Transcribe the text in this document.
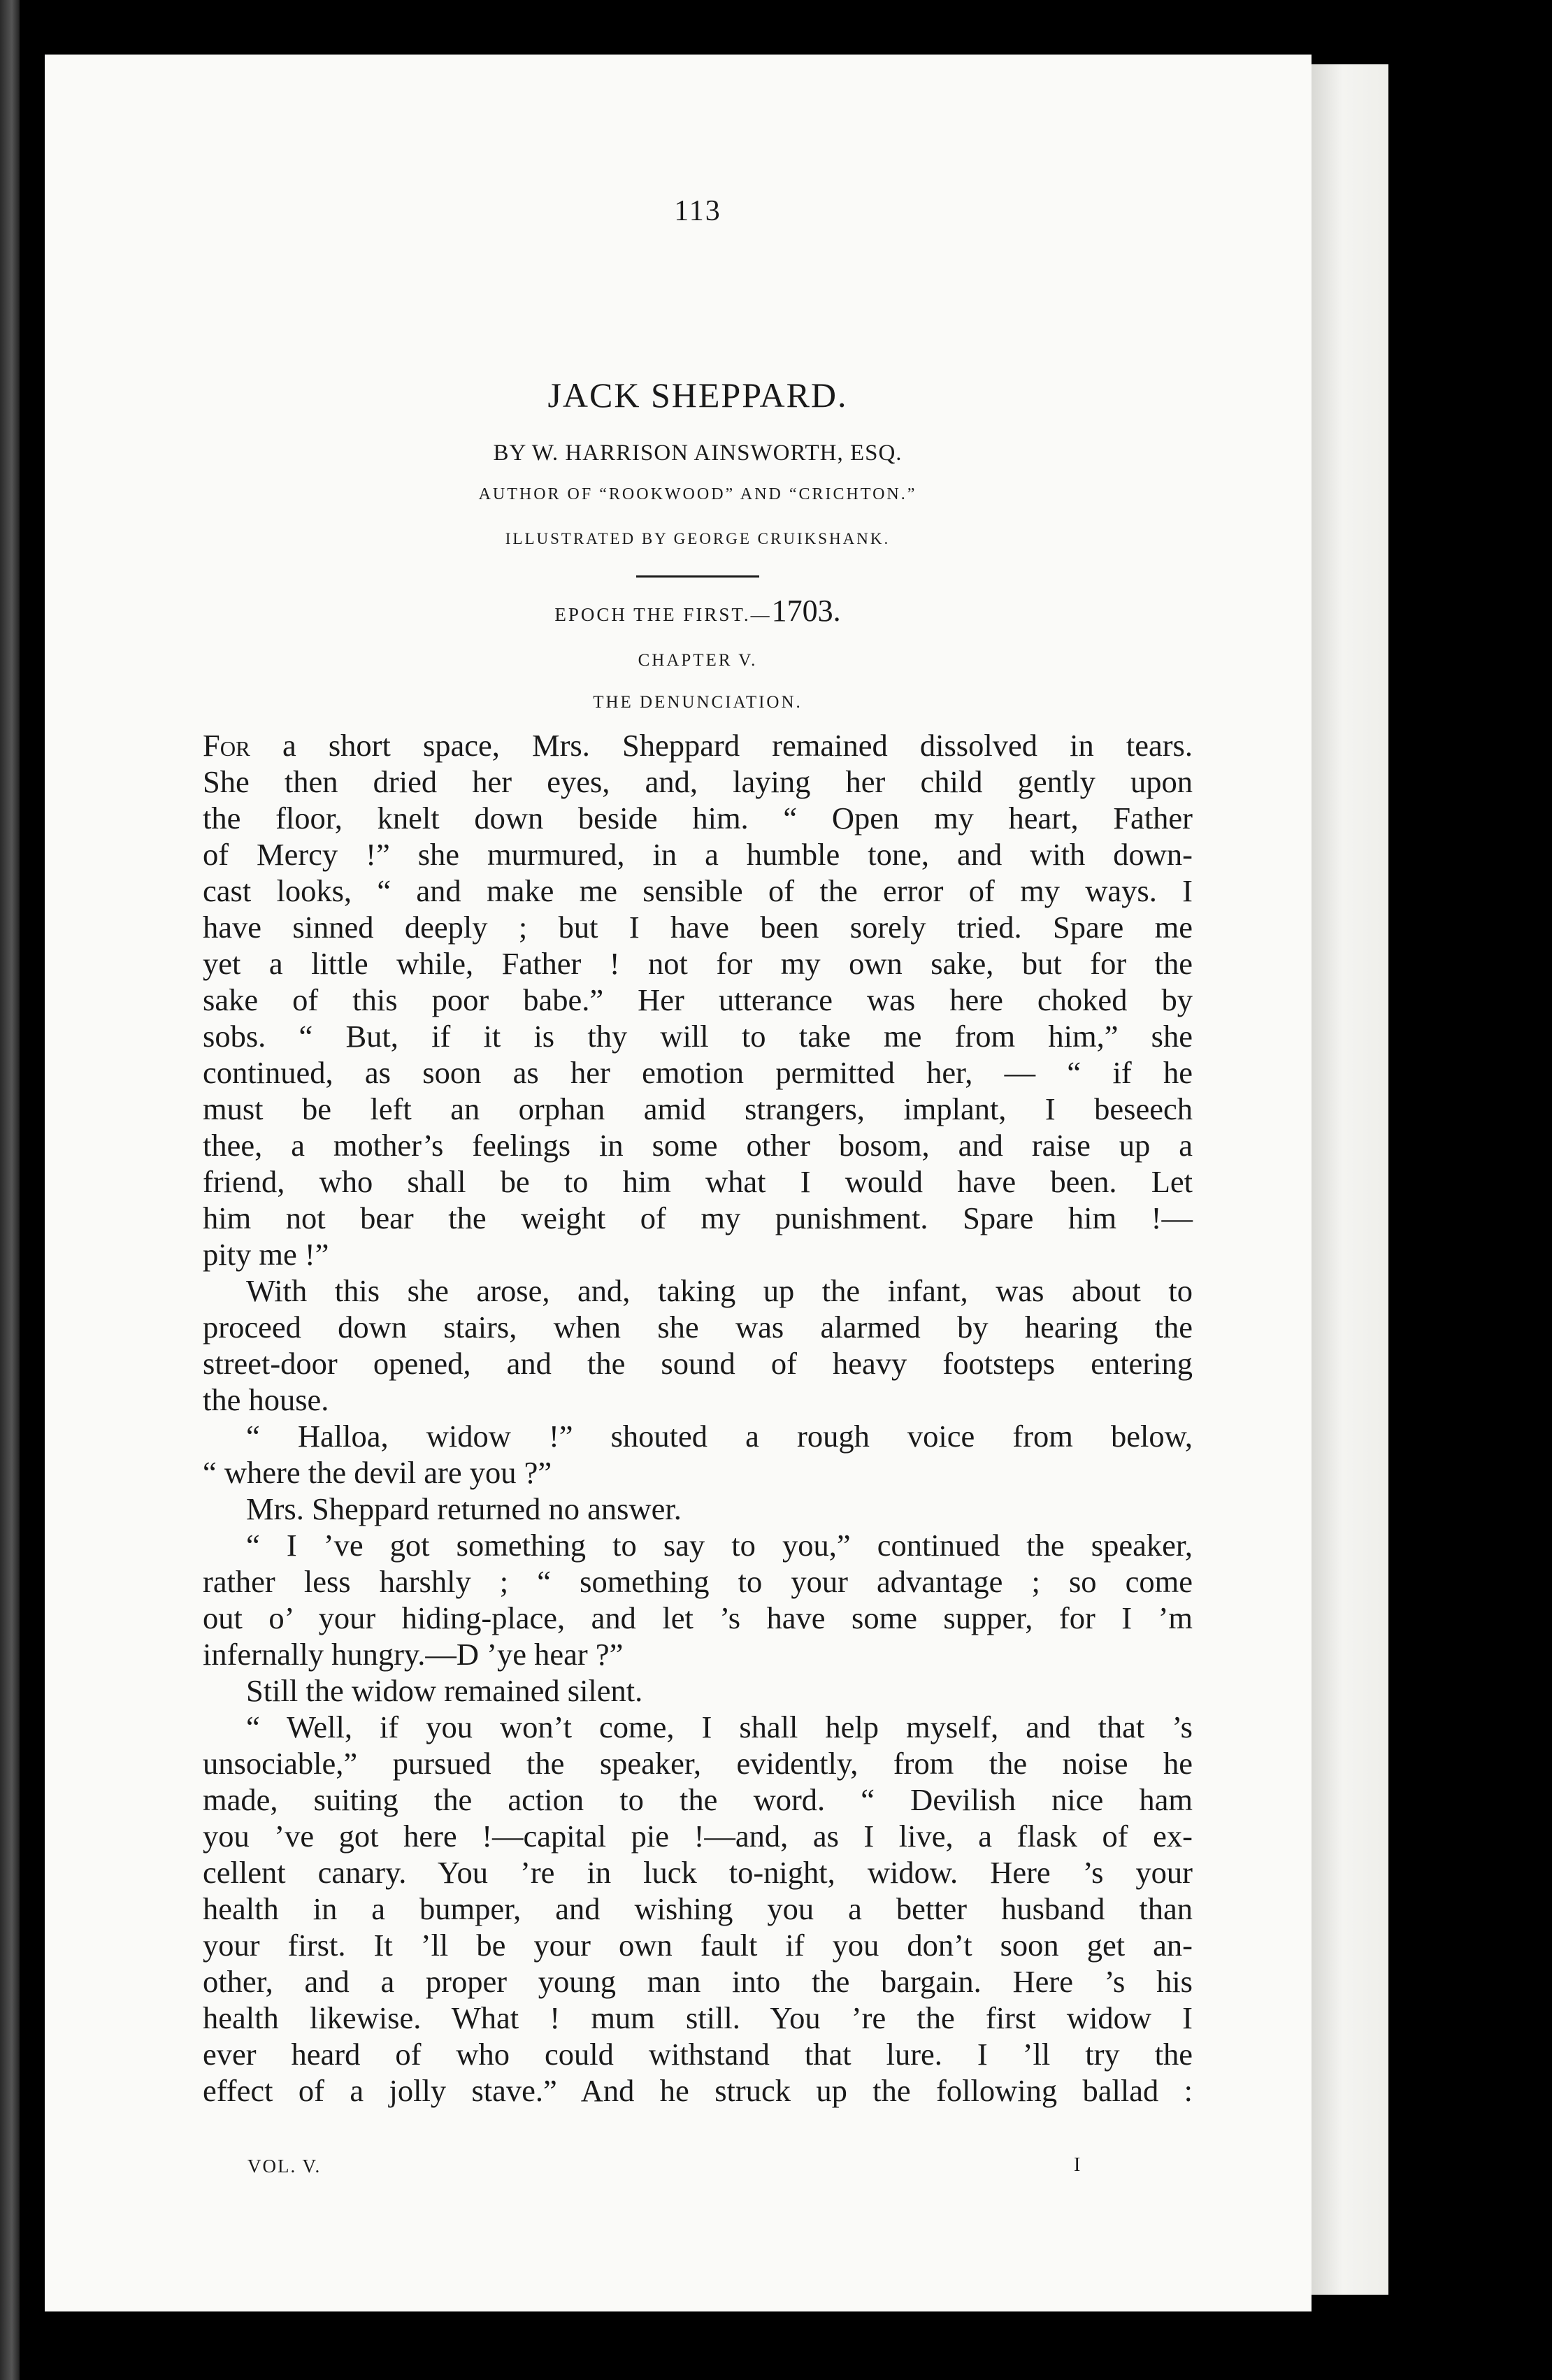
113
JACK SHEPPARD.
BY W. HARRISON AINSWORTH, ESQ.
AUTHOR OF “ROOKWOOD” AND “CRICHTON.”
ILLUSTRATED BY GEORGE CRUIKSHANK.
EPOCH THE FIRST.—1703.
CHAPTER V.
THE DENUNCIATION.
For a short space, Mrs. Sheppard remained dissolved in tears.
She then dried her eyes, and, laying her child gently upon
the floor, knelt down beside him. “ Open my heart, Father
of Mercy !” she murmured, in a humble tone, and with down-
cast looks, “ and make me sensible of the error of my ways. I
have sinned deeply ; but I have been sorely tried. Spare me
yet a little while, Father ! not for my own sake, but for the
sake of this poor babe.” Her utterance was here choked by
sobs. “ But, if it is thy will to take me from him,” she
continued, as soon as her emotion permitted her, — “ if he
must be left an orphan amid strangers, implant, I beseech
thee, a mother’s feelings in some other bosom, and raise up a
friend, who shall be to him what I would have been. Let
him not bear the weight of my punishment. Spare him !—
pity me !”
With this she arose, and, taking up the infant, was about to
proceed down stairs, when she was alarmed by hearing the
street-door opened, and the sound of heavy footsteps entering
the house.
“ Halloa, widow !” shouted a rough voice from below,
“ where the devil are you ?”
Mrs. Sheppard returned no answer.
“ I ’ve got something to say to you,” continued the speaker,
rather less harshly ; “ something to your advantage ; so come
out o’ your hiding-place, and let ’s have some supper, for I ’m
infernally hungry.—D ’ye hear ?”
Still the widow remained silent.
“ Well, if you won’t come, I shall help myself, and that ’s
unsociable,” pursued the speaker, evidently, from the noise he
made, suiting the action to the word. “ Devilish nice ham
you ’ve got here !—capital pie !—and, as I live, a flask of ex-
cellent canary. You ’re in luck to-night, widow. Here ’s your
health in a bumper, and wishing you a better husband than
your first. It ’ll be your own fault if you don’t soon get an-
other, and a proper young man into the bargain. Here ’s his
health likewise. What ! mum still. You ’re the first widow I
ever heard of who could withstand that lure. I ’ll try the
effect of a jolly stave.” And he struck up the following ballad :
VOL. V.	I
